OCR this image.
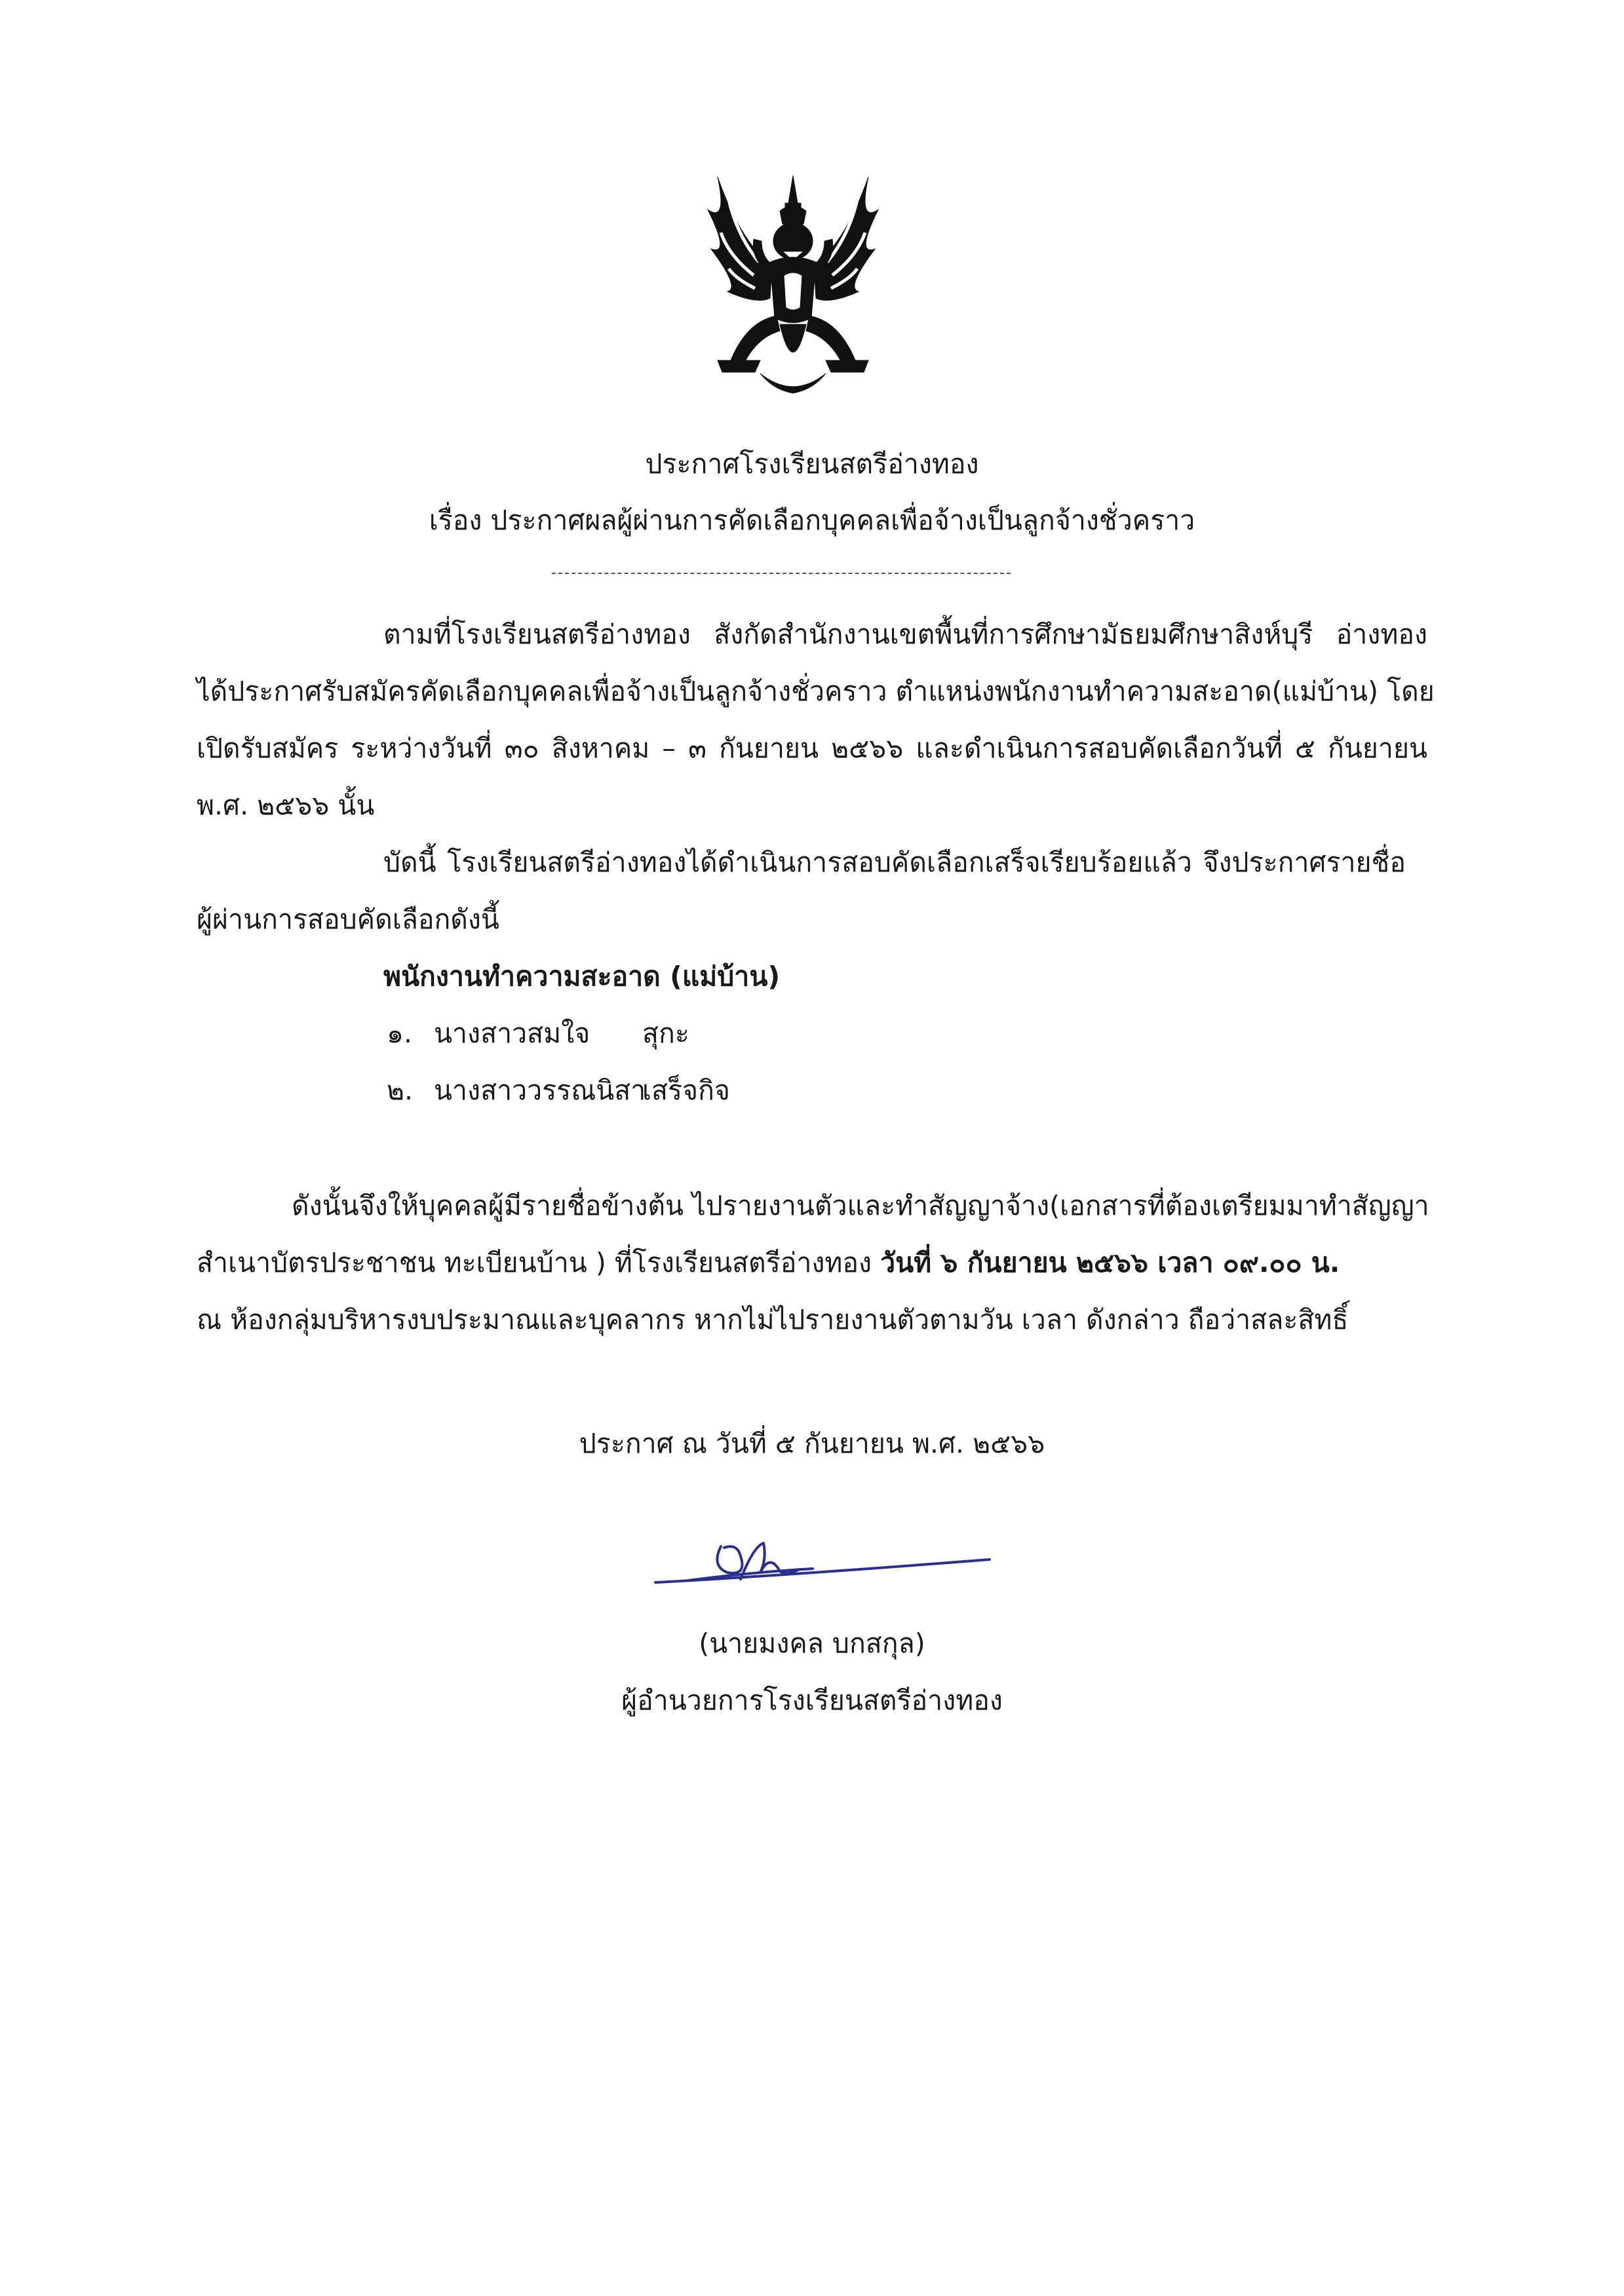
ประกาศโรงเรียนสตรีอ่างทอง
เรื่อง ประกาศผลผู้ผ่านการคัดเลือกบุคคลเพื่อจ้างเป็นลูกจ้างชั่วคราว
ตามที่โรงเรียนสตรีอ่างทอง สังกัดสำนักงานเขตพื้นที่การศึกษามัธยมศึกษาสิงห์บุรี อ่างทอง
ได้ประกาศรับสมัครคัดเลือกบุคคลเพื่อจ้างเป็นลูกจ้างชั่วคราว ตำแหน่งพนักงานทำความสะอาด(แม่บ้าน) โดย
เปิดรับสมัคร ระหว่างวันที่ ๓๐ สิงหาคม – ๓ กันยายน ๒๕๖๖ และดำเนินการสอบคัดเลือกวันที่ ๕ กันยายน
พ.ศ. ๒๕๖๖ นั้น
บัดนี้ โรงเรียนสตรีอ่างทองได้ดำเนินการสอบคัดเลือกเสร็จเรียบร้อยแล้ว จึงประกาศรายชื่อ
ผู้ผ่านการสอบคัดเลือกดังนี้
พนักงานทำความสะอาด (แม่บ้าน)
๑. นางสาวสมใจ สุกะ
๒. นางสาววรรณนิสาเสร็จกิจ
ดังนั้นจึงให้บุคคลผู้มีรายชื่อข้างต้น ไปรายงานตัวและทำสัญญาจ้าง(เอกสารที่ต้องเตรียมมาทำสัญญา
สำเนาบัตรประชาชน ทะเบียนบ้าน ) ที่โรงเรียนสตรีอ่างทอง วันที่ ๖ กันยายน ๒๕๖๖ เวลา ๐๙.๐๐ น.
ณ ห้องกลุ่มบริหารงบประมาณและบุคลากร หากไม่ไปรายงานตัวตามวัน เวลา ดังกล่าว ถือว่าสละสิทธิ์
ประกาศ ณ วันที่ ๕ กันยายน พ.ศ. ๒๕๖๖
(นายมงคล บกสกุล)
ผู้อำนวยการโรงเรียนสตรีอ่างทอง
